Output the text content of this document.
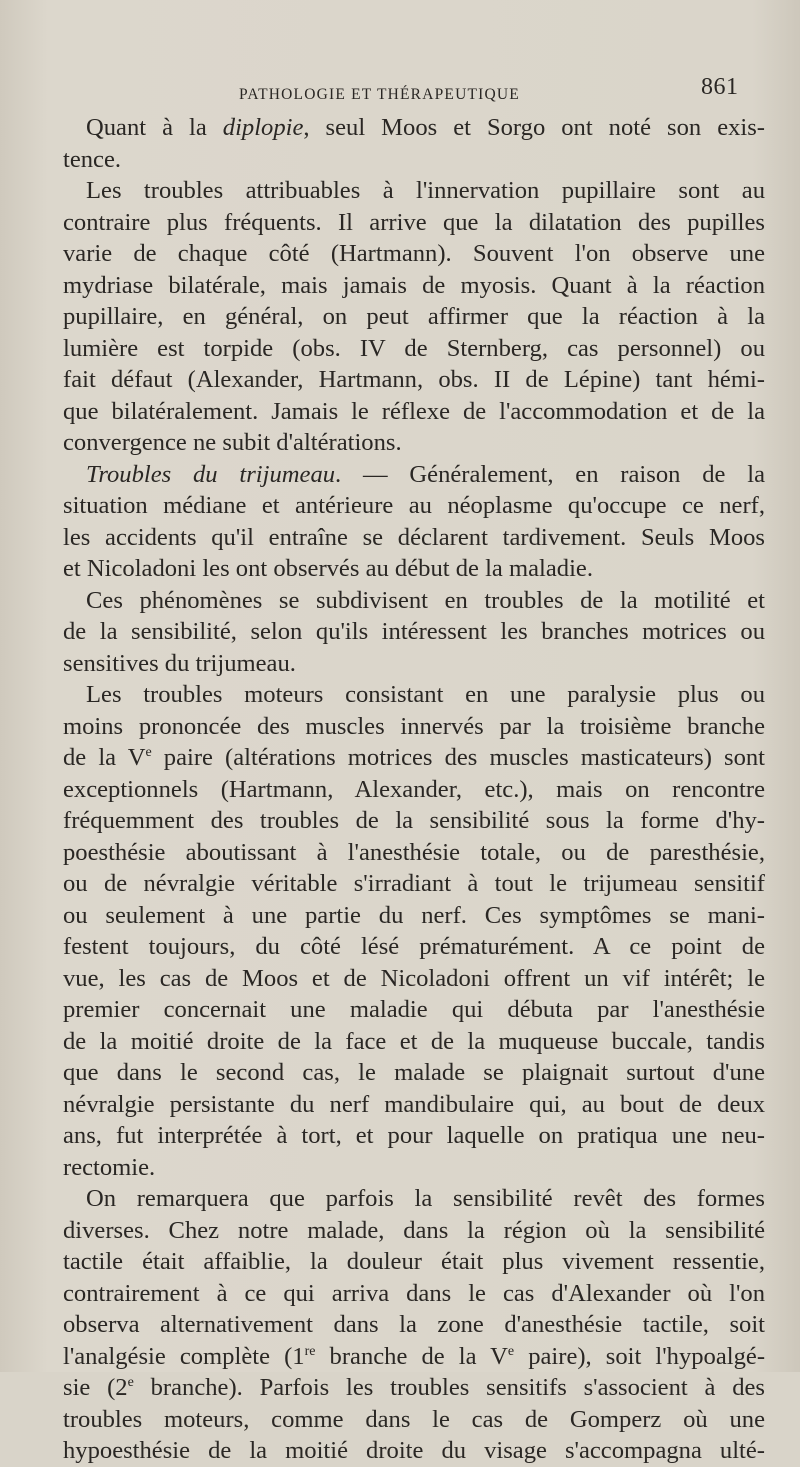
PATHOLOGIE ET THÉRAPEUTIQUE	861
Quant à la diplopie, seul Moos et Sorgo ont noté son exis-
tence.
Les troubles attribuables à l'innervation pupillaire sont au
contraire plus fréquents. Il arrive que la dilatation des pupilles
varie de chaque côté (Hartmann). Souvent l'on observe une
mydriase bilatérale, mais jamais de myosis. Quant à la réaction
pupillaire, en général, on peut affirmer que la réaction à la
lumière est torpide (obs. IV de Sternberg, cas personnel) ou
fait défaut (Alexander, Hartmann, obs. II de Lépine) tant hémi-
que bilatéralement. Jamais le réflexe de l'accommodation et de la
convergence ne subit d'altérations.
Troubles du trijumeau. — Généralement, en raison de la
situation médiane et antérieure au néoplasme qu'occupe ce nerf,
les accidents qu'il entraîne se déclarent tardivement. Seuls Moos
et Nicoladoni les ont observés au début de la maladie.
Ces phénomènes se subdivisent en troubles de la motilité et
de la sensibilité, selon qu'ils intéressent les branches motrices ou
sensitives du trijumeau.
Les troubles moteurs consistant en une paralysie plus ou
moins prononcée des muscles innervés par la troisième branche
de la Ve paire (altérations motrices des muscles masticateurs) sont
exceptionnels (Hartmann, Alexander, etc.), mais on rencontre
fréquemment des troubles de la sensibilité sous la forme d'hy-
poesthésie aboutissant à l'anesthésie totale, ou de paresthésie,
ou de névralgie véritable s'irradiant à tout le trijumeau sensitif
ou seulement à une partie du nerf. Ces symptômes se mani-
festent toujours, du côté lésé prématurément. A ce point de
vue, les cas de Moos et de Nicoladoni offrent un vif intérêt; le
premier concernait une maladie qui débuta par l'anesthésie
de la moitié droite de la face et de la muqueuse buccale, tandis
que dans le second cas, le malade se plaignait surtout d'une
névralgie persistante du nerf mandibulaire qui, au bout de deux
ans, fut interprétée à tort, et pour laquelle on pratiqua une neu-
rectomie.
On remarquera que parfois la sensibilité revêt des formes
diverses. Chez notre malade, dans la région où la sensibilité
tactile était affaiblie, la douleur était plus vivement ressentie,
contrairement à ce qui arriva dans le cas d'Alexander où l'on
observa alternativement dans la zone d'anesthésie tactile, soit
l'analgésie complète (1re branche de la Ve paire), soit l'hypoalgé-
sie (2e branche). Parfois les troubles sensitifs s'associent à des
troubles moteurs, comme dans le cas de Gomperz où une
hypoesthésie de la moitié droite du visage s'accompagna ulté-
